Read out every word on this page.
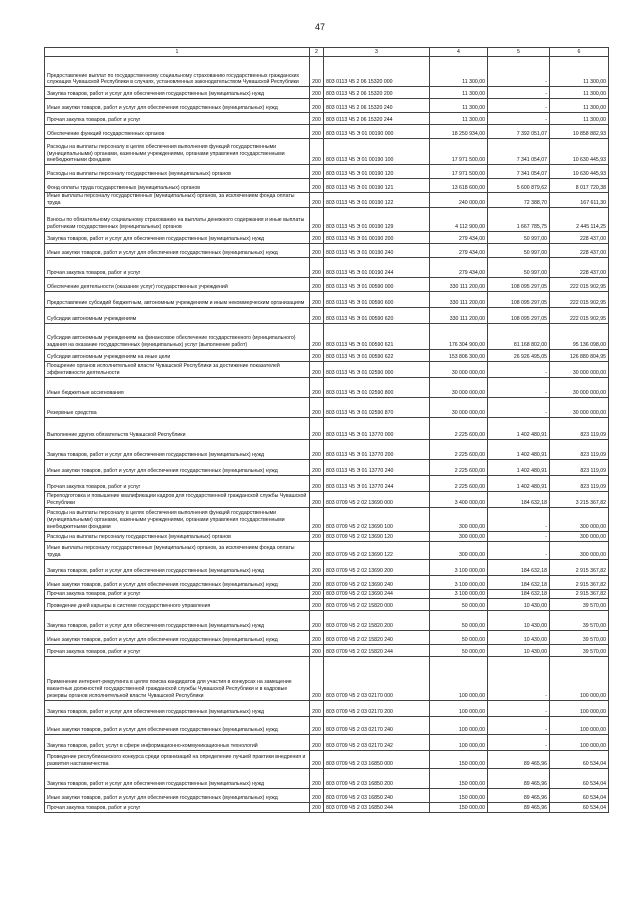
47
1	2	3	4	5	6
Предоставление выплат по государственному социальному страхованию государственных гражданских служащих Чувашской Республики в случаях, установленных законодательством Чувашской Республики	200	803 0113 Ч5 2 06 15320 000	11 300,00	-	11 300,00
Закупка товаров, работ и услуг для обеспечения государственных (муниципальных) нужд	200	803 0113 Ч5 2 06 15320 200	11 300,00	-	11 300,00
Иные закупки товаров, работ и услуг для обеспечения государственных (муниципальных) нужд	200	803 0113 Ч5 2 06 15320 240	11 300,00	-	11 300,00
Прочая закупка товаров, работ и услуг	200	803 0113 Ч5 2 06 15320 244	11 300,00	-	11 300,00
Обеспечение функций государственных органов	200	803 0113 Ч5 Э 01 00190 000	18 250 934,00	7 392 051,07	10 858 882,93
Расходы на выплаты персоналу в целях обеспечения выполнения функций государственными (муниципальными) органами, казенными учреждениями, органами управления государственными внебюджетными фондами	200	803 0113 Ч5 Э 01 00190 100	17 971 500,00	7 341 054,07	10 630 445,93
Расходы на выплаты персоналу государственных (муниципальных) органов	200	803 0113 Ч5 Э 01 00190 120	17 971 500,00	7 341 054,07	10 630 445,93
Фонд оплаты труда государственных (муниципальных) органов	200	803 0113 Ч5 Э 01 00190 121	13 618 600,00	5 600 879,62	8 017 720,38
Иные выплаты персоналу государственных (муниципальных) органов, за исключением фонда оплаты труда	200	803 0113 Ч5 Э 01 00190 122	240 000,00	72 388,70	167 611,30
Взносы по обязательному социальному страхованию на выплаты денежного содержания и иные выплаты работникам государственных (муниципальных) органов	200	803 0113 Ч5 Э 01 00190 129	4 112 900,00	1 667 785,75	2 445 114,25
Закупка товаров, работ и услуг для обеспечения государственных (муниципальных) нужд	200	803 0113 Ч5 Э 01 00190 200	279 434,00	50 997,00	228 437,00
Иные закупки товаров, работ и услуг для обеспечения государственных (муниципальных) нужд	200	803 0113 Ч5 Э 01 00190 240	279 434,00	50 997,00	228 437,00
Прочая закупка товаров, работ и услуг	200	803 0113 Ч5 Э 01 00190 244	279 434,00	50 997,00	228 437,00
Обеспечение деятельности (оказание услуг) государственных учреждений	200	803 0113 Ч5 Э 01 00590 000	330 111 200,00	108 095 297,05	222 015 902,95
Предоставление субсидий бюджетным, автономным учреждениям и иным некоммерческим организациям	200	803 0113 Ч5 Э 01 00590 600	330 111 200,00	108 095 297,05	222 015 902,95
Субсидии автономным учреждениям	200	803 0113 Ч5 Э 01 00590 620	330 111 200,00	108 095 297,05	222 015 902,95
Субсидии автономным учреждениям на финансовое обеспечение государственного (муниципального) задания на оказание государственных (муниципальных) услуг (выполнение работ)	200	803 0113 Ч5 Э 01 00590 621	176 304 900,00	81 168 802,00	95 136 098,00
Субсидии автономным учреждениям на иные цели	200	803 0113 Ч5 Э 01 00590 622	153 806 300,00	26 926 495,05	126 880 804,95
Поощрение органов исполнительной власти Чувашской Республики за достижение показателей эффективности деятельности	200	803 0113 Ч5 Э 01 02590 000	30 000 000,00	-	30 000 000,00
Иные бюджетные ассигнования	200	803 0113 Ч5 Э 01 02590 800	30 000 000,00	-	30 000 000,00
Резервные средства	200	803 0113 Ч5 Э 01 02590 870	30 000 000,00	-	30 000 000,00
Выполнение других обязательств Чувашской Республики	200	803 0113 Ч5 Э 01 13770 000	2 225 600,00	1 402 480,91	823 119,09
Закупка товаров, работ и услуг для обеспечения государственных (муниципальных) нужд	200	803 0113 Ч5 Э 01 13770 200	2 225 600,00	1 402 480,91	823 119,09
Иные закупки товаров, работ и услуг для обеспечения государственных (муниципальных) нужд	200	803 0113 Ч5 Э 01 13770 240	2 225 600,00	1 402 480,91	823 119,09
Прочая закупка товаров, работ и услуг	200	803 0113 Ч5 Э 01 13770 244	2 225 600,00	1 402 480,91	823 119,09
Переподготовка и повышение квалификации кадров для государственной гражданской службы Чувашской Республики	200	803 0709 Ч5 2 02 13690 000	3 400 000,00	184 632,18	3 215 367,82
Расходы на выплаты персоналу в целях обеспечения выполнения функций государственными (муниципальными) органами, казенными учреждениями, органами управления государственными внебюджетными фондами	200	803 0709 Ч5 2 02 13690 100	300 000,00	-	300 000,00
Расходы на выплаты персоналу государственных (муниципальных) органов	200	803 0709 Ч5 2 02 13690 120	300 000,00	-	300 000,00
Иные выплаты персоналу государственных (муниципальных) органов, за исключением фонда оплаты труда	200	803 0709 Ч5 2 02 13690 122	300 000,00	-	300 000,00
Закупка товаров, работ и услуг для обеспечения государственных (муниципальных) нужд	200	803 0709 Ч5 2 02 13690 200	3 100 000,00	184 632,18	2 915 367,82
Иные закупки товаров, работ и услуг для обеспечения государственных (муниципальных) нужд	200	803 0709 Ч5 2 02 13690 240	3 100 000,00	184 632,18	2 915 367,82
Прочая закупка товаров, работ и услуг	200	803 0709 Ч5 2 02 13690 244	3 100 000,00	184 632,18	2 915 367,82
Проведение дней карьеры в системе государственного управления	200	803 0709 Ч5 2 02 15820 000	50 000,00	10 430,00	39 570,00
Закупка товаров, работ и услуг для обеспечения государственных (муниципальных) нужд	200	803 0709 Ч5 2 02 15820 200	50 000,00	10 430,00	39 570,00
Иные закупки товаров, работ и услуг для обеспечения государственных (муниципальных) нужд	200	803 0709 Ч5 2 02 15820 240	50 000,00	10 430,00	39 570,00
Прочая закупка товаров, работ и услуг	200	803 0709 Ч5 2 02 15820 244	50 000,00	10 430,00	39 570,00
Применение интернет-рекрутинга в целях поиска кандидатов для участия в конкурсах на замещение вакантных должностей государственной гражданской службы Чувашской Республики и в кадровые резервы органов исполнительной власти Чувашской Республики	200	803 0709 Ч5 2 03 02170 000	100 000,00	-	100 000,00
Закупка товаров, работ и услуг для обеспечения государственных (муниципальных) нужд	200	803 0709 Ч5 2 03 02170 200	100 000,00	-	100 000,00
Иные закупки товаров, работ и услуг для обеспечения государственных (муниципальных) нужд	200	803 0709 Ч5 2 03 02170 240	100 000,00	-	100 000,00
Закупка товаров, работ, услуг в сфере информационно-коммуникационных технологий	200	803 0709 Ч5 2 03 02170 242	100 000,00	-	100 000,00
Проведение республиканского конкурса среди организаций на определение лучшей практики внедрения и развития наставничества	200	803 0709 Ч5 2 03 16850 000	150 000,00	89 465,96	60 534,04
Закупка товаров, работ и услуг для обеспечения государственных (муниципальных) нужд	200	803 0709 Ч5 2 03 16850 200	150 000,00	89 465,96	60 534,04
Иные закупки товаров, работ и услуг для обеспечения государственных (муниципальных) нужд	200	803 0709 Ч5 2 03 16850 240	150 000,00	89 465,96	60 534,04
Прочая закупка товаров, работ и услуг	200	803 0709 Ч5 2 03 16850 244	150 000,00	89 465,96	60 534,04
